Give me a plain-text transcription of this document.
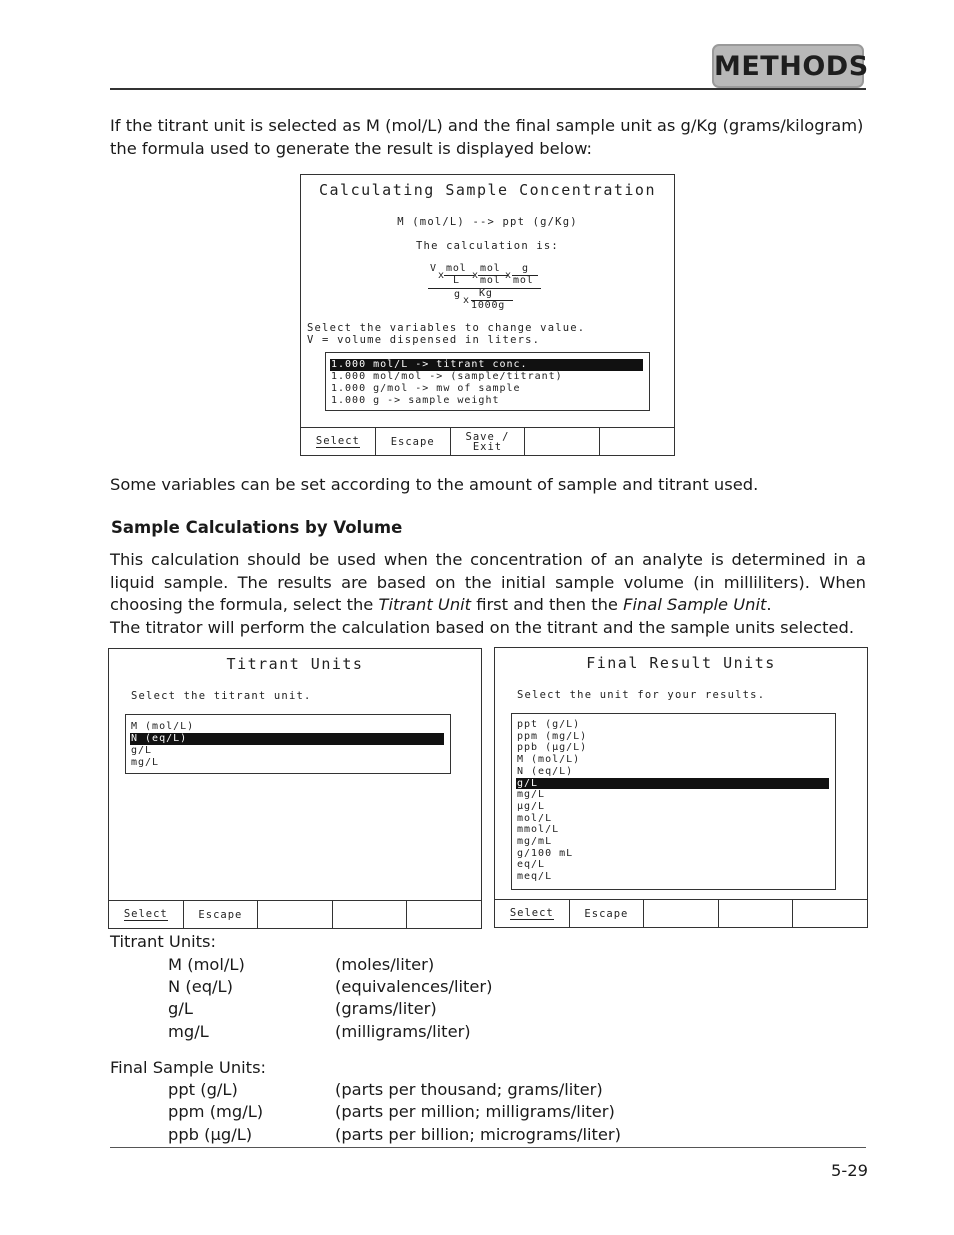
METHODS
If the titrant unit is selected as M (mol/L) and the final sample unit as g/Kg (grams/kilogram) the formula used to generate the result is displayed below:
Calculating Sample Concentration
M (mol/L) --> ppt (g/Kg)
The calculation is:
V
x
mol
L x
mol
mol x
g
mol
g
x
Kg
1000g
Select the variables to change value.
V = volume dispensed in liters.
1.000 mol/L -> titrant conc.
1.000 mol/mol -> (sample/titrant)
1.000 g/mol -> mw of sample
1.000 g -> sample weight
Select	Escape	Save /
Exit
Some variables can be set according to the amount of sample and titrant used.
Sample Calculations by Volume
This calculation should be used when the concentration of an analyte is determined in a liquid sample. The results are based on the initial sample volume (in milliliters). When choosing the formula, select the Titrant Unit first and then the Final Sample Unit.
The titrator will perform the calculation based on the titrant and the sample units selected.
Titrant Units
Select the titrant unit.
M (mol/L)
N (eq/L)
g/L
mg/L
Select	Escape
Final Result Units
Select the unit for your results.
ppt (g/L)
ppm (mg/L)
ppb (µg/L)
M (mol/L)
N (eq/L)
g/L
mg/L
µg/L
mol/L
mmol/L
mg/mL
g/100 mL
eq/L
meq/L
Select	Escape
Titrant Units:
M (mol/L)	(moles/liter)
N (eq/L)	(equivalences/liter)
g/L	(grams/liter)
mg/L	(milligrams/liter)
Final Sample Units:
ppt (g/L)	(parts per thousand; grams/liter)
ppm (mg/L)	(parts per million; milligrams/liter)
ppb (µg/L)	(parts per billion; micrograms/liter)
5-29
